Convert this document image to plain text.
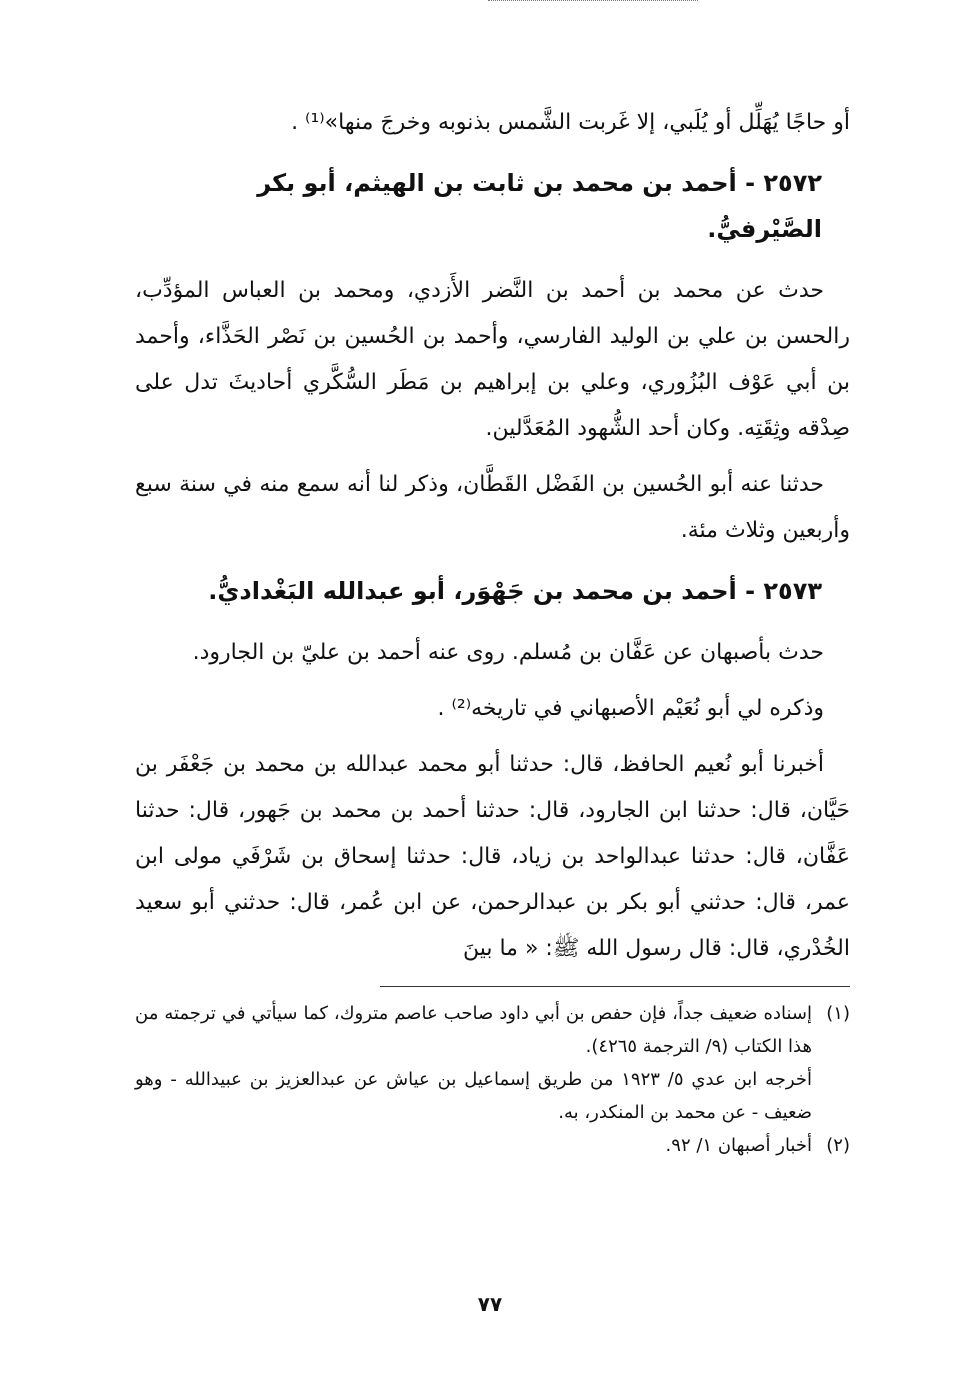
أو حاجًا يُهَلِّل أو يُلَبي، إلا غَربت الشَّمس بذنوبه وخرجَ منها»⁽¹⁾ .

٢٥٧٢ - أحمد بن محمد بن ثابت بن الهيثم، أبو بكر الصَّيْرفيُّ.

حدث عن محمد بن أحمد بن النَّضر الأَزدي، ومحمد بن العباس المؤدِّب، رالحسن بن علي بن الوليد الفارسي، وأحمد بن الحُسين بن نَصْر الحَذَّاء، وأحمد بن أبي عَوْف البُزُوري، وعلي بن إبراهيم بن مَطَر السُّكَّري أحاديثَ تدل على صِدْقه وثِقَتِه. وكان أحد الشُّهود المُعَدَّلين.

حدثنا عنه أبو الحُسين بن الفَضْل القَطَّان، وذكر لنا أنه سمع منه في سنة سبع وأربعين وثلاث مئة.

٢٥٧٣ - أحمد بن محمد بن جَهْوَر، أبو عبدالله البَغْداديُّ.

حدث بأصبهان عن عَفَّان بن مُسلم. روى عنه أحمد بن عليّ بن الجارود.

وذكره لي أبو نُعَيْم الأصبهاني في تاريخه⁽²⁾ .

أخبرنا أبو نُعيم الحافظ، قال: حدثنا أبو محمد عبدالله بن محمد بن جَعْفَر بن حَيَّان، قال: حدثنا ابن الجارود، قال: حدثنا أحمد بن محمد بن جَهور، قال: حدثنا عَفَّان، قال: حدثنا عبدالواحد بن زياد، قال: حدثنا إسحاق بن شَرْفَي مولى ابن عمر، قال: حدثني أبو بكر بن عبدالرحمن، عن ابن عُمر، قال: حدثني أبو سعيد الخُدْري، قال: قال رسول الله ﷺ: « ما بينَ

(١)
إسناده ضعيف جداً، فإن حفص بن أبي داود صاحب عاصم متروك، كما سيأتي في ترجمته من هذا الكتاب (٩/ الترجمة ٤٢٦٥).
أخرجه ابن عدي ٥/ ١٩٢٣ من طريق إسماعيل بن عياش عن عبدالعزيز بن عبيدالله - وهو ضعيف - عن محمد بن المنكدر، به.
(٢)
أخبار أصبهان ١/ ٩٢.
٧٧
